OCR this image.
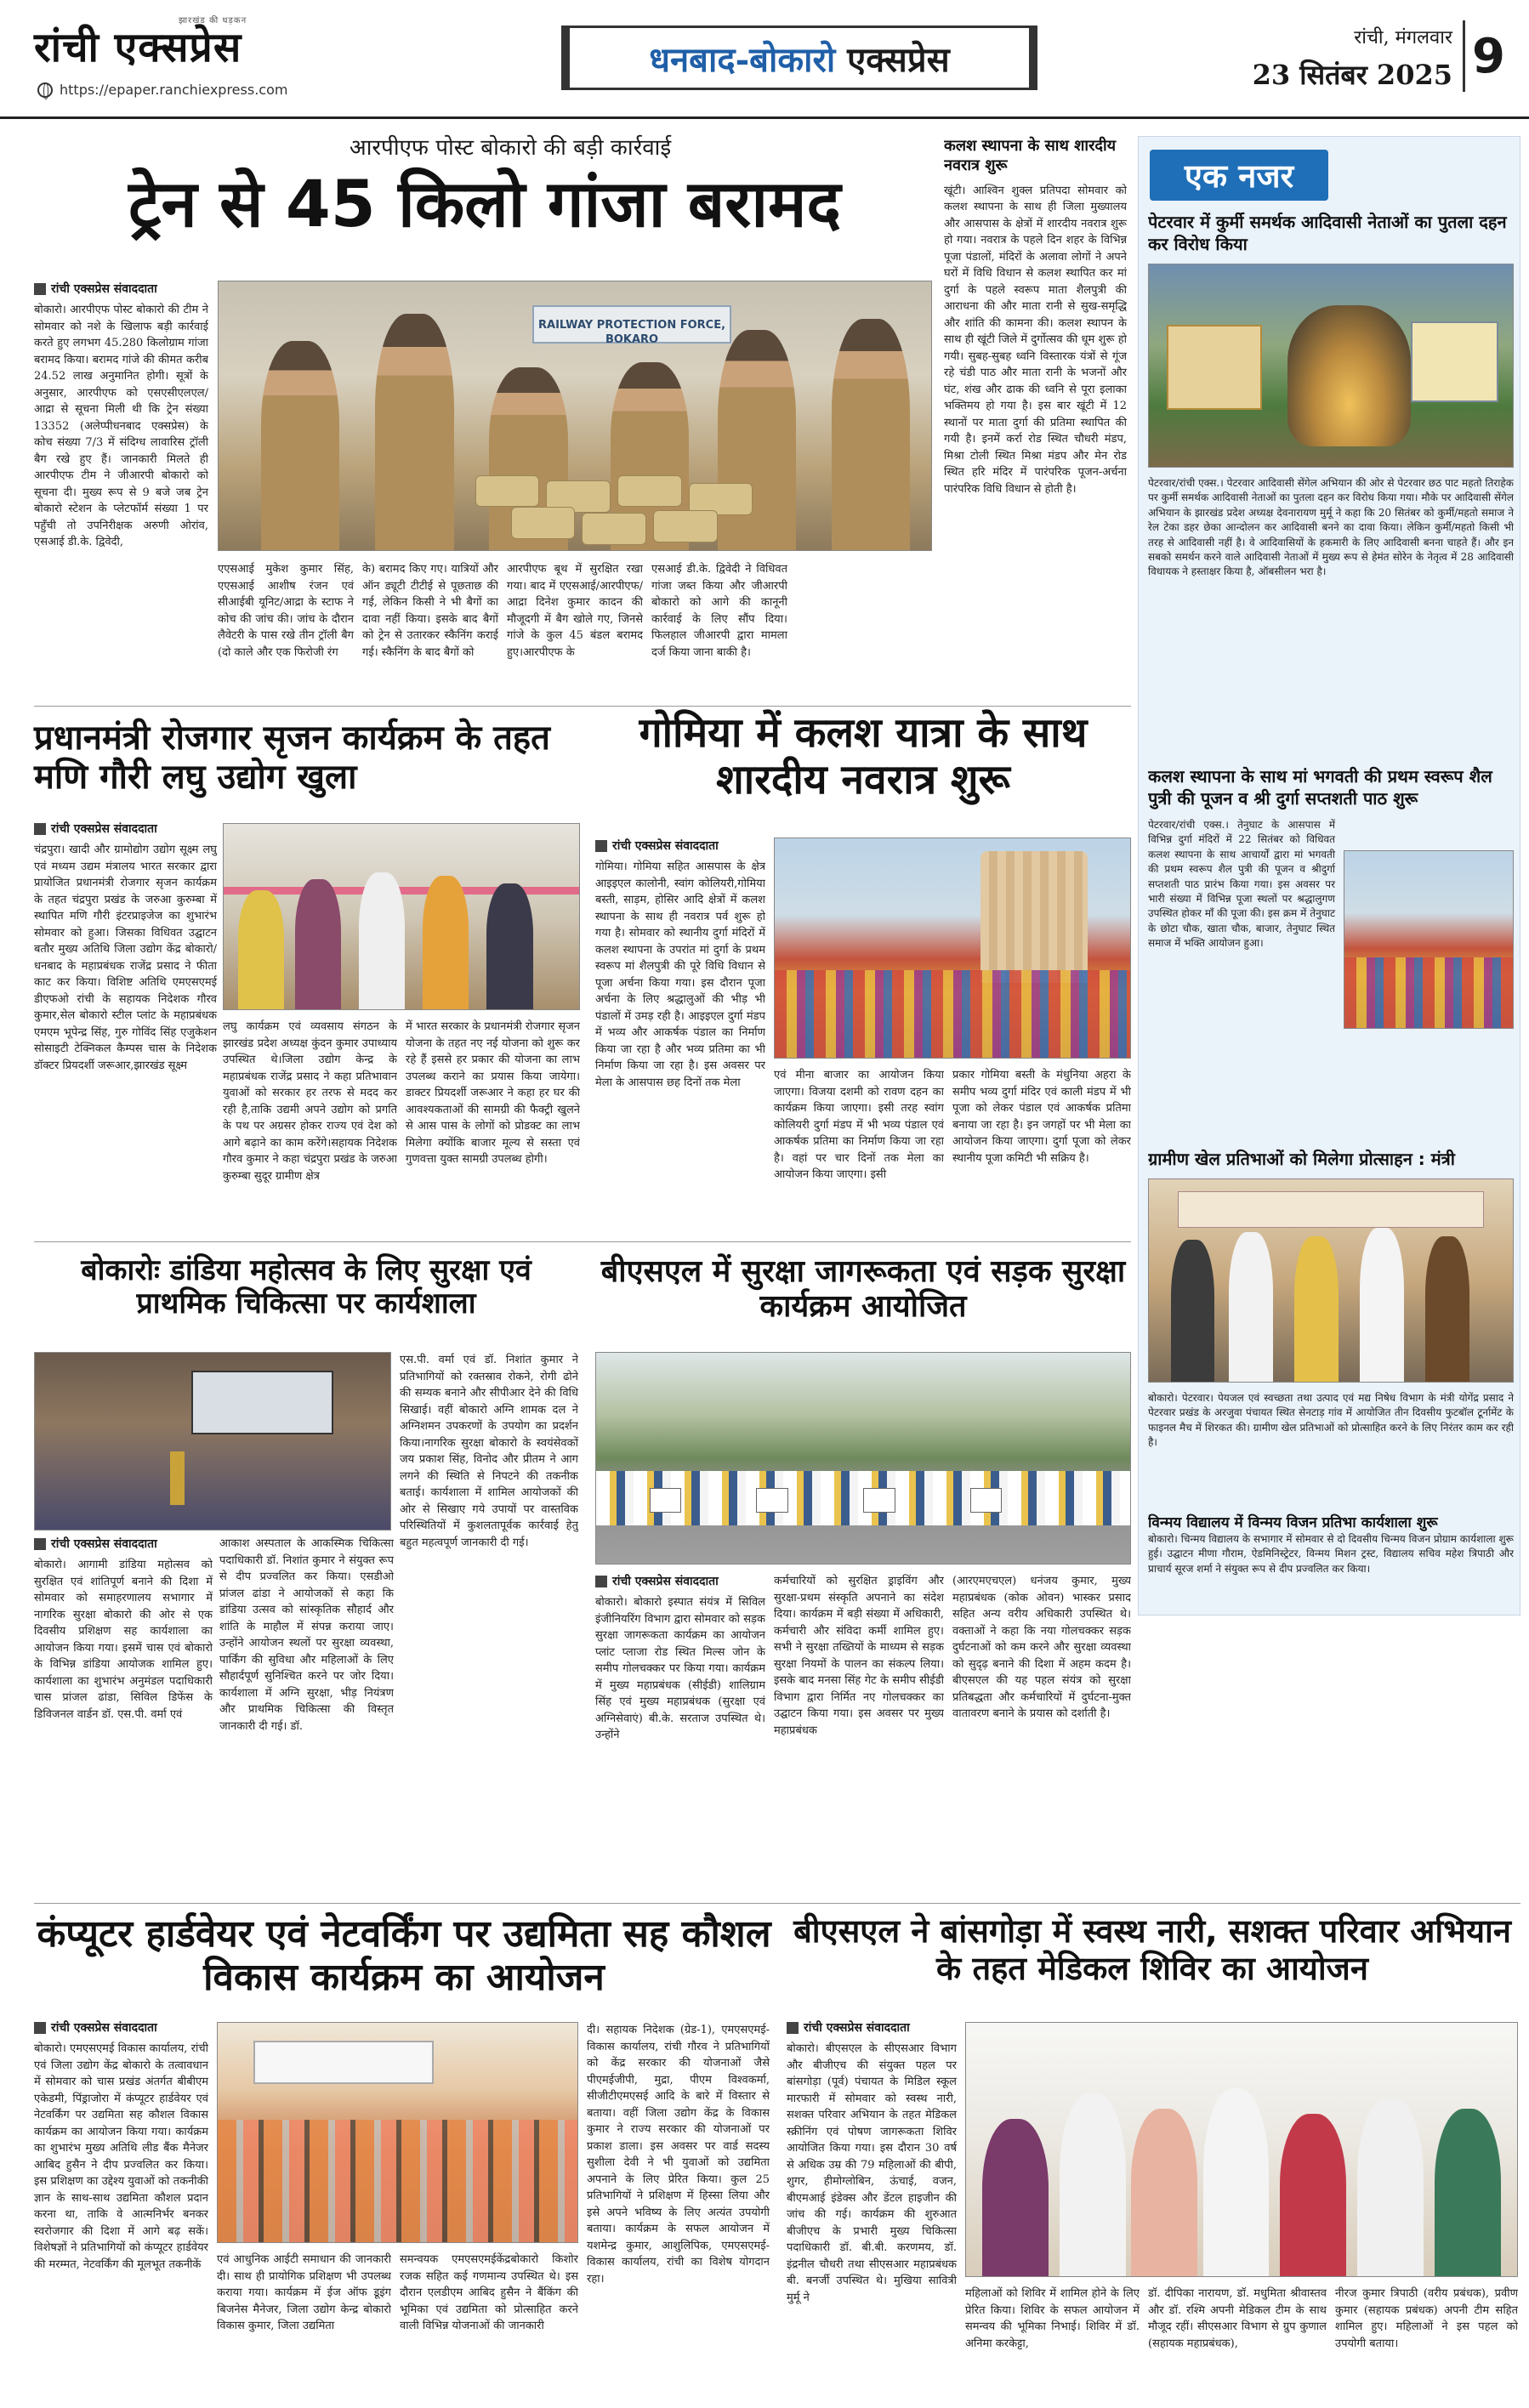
रांची एक्सप्रेस
झारखंड की धड़कन
https://epaper.ranchiexpress.com
धनबाद-बोकारो
एक्सप्रेस
रांची, मंगलवार
23 सितंबर 2025 9
आरपीएफ पोस्ट बोकारो की बड़ी कार्रवाई
ट्रेन से 45 किलो गांजा बरामद
रांची एक्सप्रेस संवाददाता
बोकारो। आरपीएफ पोस्ट बोकारो की टीम ने सोमवार को नशे के खिलाफ बड़ी कार्रवाई करते हुए लगभग 45.280 किलोग्राम गांजा बरामद किया। बरामद गांजे की कीमत करीब 24.52 लाख अनुमानित होगी। सूत्रों के अनुसार, आरपीएफ को एसएसीएलएल/आद्रा से सूचना मिली थी कि ट्रेन संख्या 13352 (अलेप्पीधनबाद एक्सप्रेस) के कोच संख्या 7/3 में संदिग्ध लावारिस ट्रॉली बैग रखे हुए हैं। जानकारी मिलते ही आरपीएफ टीम ने जीआरपी बोकारो को सूचना दी। मुख्य रूप से 9 बजे जब ट्रेन बोकारो स्टेशन के प्लेटफॉर्म संख्या 1 पर पहुँची तो उपनिरीक्षक अरुणी ओरांव, एसआई डी.के. द्विवेदी,
RAILWAY PROTECTION FORCE, BOKARO
एएसआई मुकेश कुमार सिंह, एएसआई आशीष रंजन एवं सीआईबी यूनिट/आद्रा के स्टाफ ने कोच की जांच की। जांच के दौरान लैवेटरी के पास रखे तीन ट्रॉली बैग (दो काले और एक फिरोजी रंग
के) बरामद किए गए। यात्रियों और ऑन ड्यूटी टीटीई से पूछताछ की गई, लेकिन किसी ने भी बैगों का दावा नहीं किया। इसके बाद बैगों को ट्रेन से उतारकर स्कैनिंग कराई गई। स्कैनिंग के बाद बैगों को
आरपीएफ बूथ में सुरक्षित रखा गया। बाद में एएसआई/आरपीएफ/आद्रा दिनेश कुमार कादन की मौजूदगी में बैग खोले गए, जिनसे गांजे के कुल 45 बंडल बरामद हुए।आरपीएफ के
एसआई डी.के. द्विवेदी ने विधिवत गांजा जब्त किया और जीआरपी बोकारो को आगे की कानूनी कार्रवाई के लिए सौंप दिया। फिलहाल जीआरपी द्वारा मामला दर्ज किया जाना बाकी है।
कलश स्थापना के साथ शारदीय नवरात्र शुरू
खूंटी। आश्विन शुक्ल प्रतिपदा सोमवार को कलश स्थापना के साथ ही जिला मुख्यालय और आसपास के क्षेत्रों में शारदीय नवरात्र शुरू हो गया। नवरात्र के पहले दिन शहर के विभिन्न पूजा पंडालों, मंदिरों के अलावा लोगों ने अपने घरों में विधि विधान से कलश स्थापित कर मां दुर्गा के पहले स्वरूप माता शैलपुत्री की आराधना की और माता रानी से सुख-समृद्धि और शांति की कामना की। कलश स्थापन के साथ ही खूंटी जिले में दुर्गोत्सव की धूम शुरू हो गयी। सुबह-सुबह ध्वनि विस्तारक यंत्रों से गूंज रहे चंडी पाठ और माता रानी के भजनों और घंट, शंख और ढाक की ध्वनि से पूरा इलाका भक्तिमय हो गया है। इस बार खूंटी में 12 स्थानों पर माता दुर्गा की प्रतिमा स्थापित की गयी है। इनमें कर्रा रोड स्थित चौधरी मंडप, मिश्रा टोली स्थित मिश्रा मंडप और मेन रोड स्थित हरि मंदिर में पारंपरिक पूजन-अर्चना पारंपरिक विधि विधान से होती है।
एक नजर
पेटरवार में कुर्मी समर्थक आदिवासी नेताओं का पुतला दहन कर विरोध किया
पेटरवार/रांची एक्स.। पेटरवार आदिवासी सेंगेल अभियान की ओर से पेटरवार छठ पाट महतो तिराहेक पर कुर्मी समर्थक आदिवासी नेताओं का पुतला दहन कर विरोध किया गया। मौके पर आदिवासी सेंगेल अभियान के झारखंड प्रदेश अध्यक्ष देवनारायण मुर्मू ने कहा कि 20 सितंबर को कुर्मी/महतो समाज ने रेल टेका डहर छेका आन्दोलन कर आदिवासी बनने का दावा किया। लेकिन कुर्मी/महतो किसी भी तरह से आदिवासी नहीं है। वे आदिवासियों के हकमारी के लिए आदिवासी बनना चाहते हैं। और इन सबको समर्थन करने वाले आदिवासी नेताओं में मुख्य रूप से हेमंत सोरेन के नेतृत्व में 28 आदिवासी विधायक ने हस्ताक्षर किया है, ऑबसीलन भरा है।
कलश स्थापना के साथ मां भगवती की प्रथम स्वरूप शैल पुत्री की पूजन व श्री दुर्गा सप्तशती पाठ शुरू
पेटरवार/रांची एक्स.। तेनुघाट के आसपास में विभिन्न दुर्गा मंदिरों में 22 सितंबर को विधिवत कलश स्थापना के साथ आचार्यों द्वारा मां भगवती की प्रथम स्वरूप शैल पुत्री की पूजन व श्रीदुर्गा सप्तशती पाठ प्रारंभ किया गया। इस अवसर पर भारी संख्या में विभिन्न पूजा स्थलों पर श्रद्धालुगण उपस्थित होकर माँ की पूजा की। इस क्रम में तेनुघाट के छोटा चौक, खाता चौक, बाजार, तेनुघाट स्थित समाज में भक्ति आयोजन हुआ।
ग्रामीण खेल प्रतिभाओं को मिलेगा प्रोत्साहन : मंत्री
बोकारो। पेटरवार। पेयजल एवं स्वच्छता तथा उत्पाद एवं मद्य निषेध विभाग के मंत्री योगेंद्र प्रसाद ने पेटरवार प्रखंड के अरजुवा पंचायत स्थित सेनटाड़ गांव में आयोजित तीन दिवसीय फुटबॉल टूर्नामेंट के फाइनल मैच में शिरकत की। ग्रामीण खेल प्रतिभाओं को प्रोत्साहित करने के लिए निरंतर काम कर रही है।
विन्मय विद्यालय में विन्मय विजन प्रतिभा कार्यशाला शुरू
बोकारो। चिन्मय विद्यालय के सभागार में सोमवार से दो दिवसीय चिन्मय विजन प्रोग्राम कार्यशाला शुरू हुई। उद्घाटन मीणा गौराम, ऐडमिनिस्ट्रेटर, विन्मय मिशन ट्रस्ट, विद्यालय सचिव महेश त्रिपाठी और प्राचार्य सूरज शर्मा ने संयुक्त रूप से दीप प्रज्वलित कर किया।
प्रधानमंत्री रोजगार सृजन कार्यक्रम के तहत मणि गौरी लघु उद्योग खुला
रांची एक्सप्रेस संवाददाता
चंद्रपुरा। खादी और ग्रामोद्योग उद्योग सूक्ष्म लघु एवं मध्यम उद्यम मंत्रालय भारत सरकार द्वारा प्रायोजित प्रधानमंत्री रोजगार सृजन कार्यक्रम के तहत चंद्रपुरा प्रखंड के जरुआ कुरुम्बा में स्थापित मणि गौरी इंटरप्राइजेज का शुभारंभ सोमवार को हुआ। जिसका विधिवत उद्घाटन बतौर मुख्य अतिथि जिला उद्योग केंद्र बोकारो/धनबाद के महाप्रबंधक राजेंद्र प्रसाद ने फीता काट कर किया। विशिष्ट अतिथि एमएसएमई डीएफओ रांची के सहायक निदेशक गौरव कुमार,सेल बोकारो स्टील प्लांट के महाप्रबंधक एमएम भूपेन्द्र सिंह, गुरु गोविंद सिंह एजुकेशन सोसाइटी टेक्निकल कैम्पस चास के निदेशक डॉक्टर प्रियदर्शी जरूआर,झारखंड सूक्ष्म
लघु कार्यक्रम एवं व्यवसाय संगठन के झारखंड प्रदेश अध्यक्ष कुंदन कुमार उपाध्याय उपस्थित थे।जिला उद्योग केन्द्र के महाप्रबंधक राजेंद्र प्रसाद ने कहा प्रतिभावान युवाओं को सरकार हर तरफ से मदद कर रही है,ताकि उद्यमी अपने उद्योग को प्रगति के पथ पर अग्रसर होकर राज्य एवं देश को आगे बढ़ाने का काम करेंगे।सहायक निदेशक गौरव कुमार ने कहा चंद्रपुरा प्रखंड के जरुआ कुरुम्बा सुदूर ग्रामीण क्षेत्र
में भारत सरकार के प्रधानमंत्री रोजगार सृजन योजना के तहत नए नई योजना को शुरू कर रहे हैं इससे हर प्रकार की योजना का लाभ उपलब्ध कराने का प्रयास किया जायेगा। डाक्टर प्रियदर्शी जरूआर ने कहा हर घर की आवश्यकताओं की सामग्री की फैक्ट्री खुलने से आस पास के लोगों को प्रोडक्ट का लाभ मिलेगा क्योंकि बाजार मूल्य से सस्ता एवं गुणवत्ता युक्त सामग्री उपलब्ध होगी।
गोमिया में कलश यात्रा के साथ शारदीय नवरात्र शुरू
रांची एक्सप्रेस संवाददाता
गोमिया। गोमिया सहित आसपास के क्षेत्र आइइएल कालोनी, स्वांग कोलियरी,गोमिया बस्ती, साड़म, होसिर आदि क्षेत्रों में कलश स्थापना के साथ ही नवरात्र पर्व शुरू हो गया है। सोमवार को स्थानीय दुर्गा मंदिरों में कलश स्थापना के उपरांत मां दुर्गा के प्रथम स्वरूप मां शैलपुत्री की पूरे विधि विधान से पूजा अर्चना किया गया। इस दौरान पूजा अर्चना के लिए श्रद्धालुओं की भीड़ भी पंडालों में उमड़ रही है। आइइएल दुर्गा मंडप में भव्य और आकर्षक पंडाल का निर्माण किया जा रहा है और भव्य प्रतिमा का भी निर्माण किया जा रहा है। इस अवसर पर मेला के आसपास छह दिनों तक मेला
एवं मीना बाजार का आयोजन किया जाएगा। विजया दशमी को रावण दहन का कार्यक्रम किया जाएगा। इसी तरह स्वांग कोलियरी दुर्गा मंडप में भी भव्य पंडाल एवं आकर्षक प्रतिमा का निर्माण किया जा रहा है। वहां पर चार दिनों तक मेला का आयोजन किया जाएगा। इसी
प्रकार गोमिया बस्ती के मंधुनिया अहरा के समीप भव्य दुर्गा मंदिर एवं काली मंडप में भी पूजा को लेकर पंडाल एवं आकर्षक प्रतिमा बनाया जा रहा है। इन जगहों पर भी मेला का आयोजन किया जाएगा। दुर्गा पूजा को लेकर स्थानीय पूजा कमिटी भी सक्रिय है।
बोकारोः डांडिया महोत्सव के लिए सुरक्षा एवं प्राथमिक चिकित्सा पर कार्यशाला
रांची एक्सप्रेस संवाददाता
बोकारो। आगामी डांडिया महोत्सव को सुरक्षित एवं शांतिपूर्ण बनाने की दिशा में सोमवार को समाहरणालय सभागार में नागरिक सुरक्षा बोकारो की ओर से एक दिवसीय प्रशिक्षण सह कार्यशाला का आयोजन किया गया। इसमें चास एवं बोकारो के विभिन्न डांडिया आयोजक शामिल हुए। कार्यशाला का शुभारंभ अनुमंडल पदाधिकारी चास प्रांजल ढांडा, सिविल डिफेंस के डिविजनल वार्डन डॉ. एस.पी. वर्मा एवं
आकाश अस्पताल के आकस्मिक चिकित्सा पदाधिकारी डॉ. निशांत कुमार ने संयुक्त रूप से दीप प्रज्वलित कर किया। एसडीओ प्रांजल ढांडा ने आयोजकों से कहा कि डांडिया उत्सव को सांस्कृतिक सौहार्द और शांति के माहौल में संपन्न कराया जाए। उन्होंने आयोजन स्थलों पर सुरक्षा व्यवस्था, पार्किंग की सुविधा और महिलाओं के लिए सौहार्दपूर्ण सुनिश्चित करने पर जोर दिया। कार्यशाला में अग्नि सुरक्षा, भीड़ नियंत्रण और प्राथमिक चिकित्सा की विस्तृत जानकारी दी गई। डॉ.
एस.पी. वर्मा एवं डॉ. निशांत कुमार ने प्रतिभागियों को रक्तस्राव रोकने, रोगी ढोने की सम्यक बनाने और सीपीआर देने की विधि सिखाई। वहीं बोकारो अग्नि शामक दल ने अग्निशमन उपकरणों के उपयोग का प्रदर्शन किया।नागरिक सुरक्षा बोकारो के स्वयंसेवकों जय प्रकाश सिंह, विनोद और प्रीतम ने आग लगने की स्थिति से निपटने की तकनीक बताई। कार्यशाला में शामिल आयोजकों की ओर से सिखाए गये उपायों पर वास्तविक परिस्थितियों में कुशलतापूर्वक कार्रवाई हेतु बहुत महत्वपूर्ण जानकारी दी गई।
बीएसएल में सुरक्षा जागरूकता एवं सड़क सुरक्षा कार्यक्रम आयोजित
रांची एक्सप्रेस संवाददाता
बोकारो। बोकारो इस्पात संयंत्र में सिविल इंजीनियरिंग विभाग द्वारा सोमवार को सड़क सुरक्षा जागरूकता कार्यक्रम का आयोजन प्लांट प्लाजा रोड स्थित मिल्स जोन के समीप गोलचक्कर पर किया गया। कार्यक्रम में मुख्य महाप्रबंधक (सीईडी) शालिग्राम सिंह एवं मुख्य महाप्रबंधक (सुरक्षा एवं अग्निसेवाएं) बी.के. सरताज उपस्थित थे। उन्होंने
कर्मचारियों को सुरक्षित ड्राइविंग और सुरक्षा-प्रथम संस्कृति अपनाने का संदेश दिया। कार्यक्रम में बड़ी संख्या में अधिकारी, कर्मचारी और संविदा कर्मी शामिल हुए। सभी ने सुरक्षा तख्तियों के माध्यम से सड़क सुरक्षा नियमों के पालन का संकल्प लिया। इसके बाद मनसा सिंह गेट के समीप सीईडी विभाग द्वारा निर्मित नए गोलचक्कर का उद्घाटन किया गया। इस अवसर पर मुख्य महाप्रबंधक
(आरएमएचएल) धनंजय कुमार, मुख्य महाप्रबंधक (कोक ओवन) भास्कर प्रसाद सहित अन्य वरीय अधिकारी उपस्थित थे। वक्ताओं ने कहा कि नया गोलचक्कर सड़क दुर्घटनाओं को कम करने और सुरक्षा व्यवस्था को सुदृढ़ बनाने की दिशा में अहम कदम है। बीएसएल की यह पहल संयंत्र को सुरक्षा प्रतिबद्धता और कर्मचारियों में दुर्घटना-मुक्त वातावरण बनाने के प्रयास को दर्शाती है।
कंप्यूटर हार्डवेयर एवं नेटवर्किंग पर उद्यमिता सह कौशल विकास कार्यक्रम का आयोजन
रांची एक्सप्रेस संवाददाता
बोकारो। एमएसएमई विकास कार्यालय, रांची एवं जिला उद्योग केंद्र बोकारो के तत्वावधान में सोमवार को चास प्रखंड अंतर्गत बीबीएम एकेडमी, पिंड्राजोरा में कंप्यूटर हार्डवेयर एवं नेटवर्किंग पर उद्यमिता सह कौशल विकास कार्यक्रम का आयोजन किया गया। कार्यक्रम का शुभारंभ मुख्य अतिथि लीड बैंक मैनेजर आबिद हुसैन ने दीप प्रज्वलित कर किया। इस प्रशिक्षण का उद्देश्य युवाओं को तकनीकी ज्ञान के साथ-साथ उद्यमिता कौशल प्रदान करना था, ताकि वे आत्मनिर्भर बनकर स्वरोजगार की दिशा में आगे बढ़ सकें। विशेषज्ञों ने प्रतिभागियों को कंप्यूटर हार्डवेयर की मरम्मत, नेटवर्किंग की मूलभूत तकनीकें	एवं आधुनिक आईटी समाधान की जानकारी दी। साथ ही प्रायोगिक प्रशिक्षण भी उपलब्ध कराया गया। कार्यक्रम में ईज ऑफ डूइंग बिजनेस मैनेजर, जिला उद्योग केन्द्र बोकारो विकास कुमार, जिला उद्यमिता
समन्वयक एमएसएमईकेंद्रबोकारो किशोर रजक सहित कई गणमान्य उपस्थित थे। इस दौरान एलडीएम आबिद हुसैन ने बैंकिंग की भूमिका एवं उद्यमिता को प्रोत्साहित करने वाली विभिन्न योजनाओं की जानकारी
दी। सहायक निदेशक (ग्रेड-1), एमएसएमई-विकास कार्यालय, रांची गौरव ने प्रतिभागियों को केंद्र सरकार की योजनाओं जैसे पीएमईजीपी, मुद्रा, पीएम विश्वकर्मा, सीजीटीएमएसई आदि के बारे में विस्तार से बताया। वहीं जिला उद्योग केंद्र के विकास कुमार ने राज्य सरकार की योजनाओं पर प्रकाश डाला। इस अवसर पर वार्ड सदस्य सुशीला देवी ने भी युवाओं को उद्यमिता अपनाने के लिए प्रेरित किया। कुल 25 प्रतिभागियों ने प्रशिक्षण में हिस्सा लिया और इसे अपने भविष्य के लिए अत्यंत उपयोगी बताया। कार्यक्रम के सफल आयोजन में यशमेन्द्र कुमार, आशुलिपिक, एमएसएमई-विकास कार्यालय, रांची का विशेष योगदान रहा।
बीएसएल ने बांसगोड़ा में स्वस्थ नारी, सशक्त परिवार अभियान के तहत मेडिकल शिविर का आयोजन
रांची एक्सप्रेस संवाददाता
बोकारो। बीएसएल के सीएसआर विभाग और बीजीएच की संयुक्त पहल पर बांसगोड़ा (पूर्व) पंचायत के मिडिल स्कूल मारफारी में सोमवार को स्वस्थ नारी, सशक्त परिवार अभियान के तहत मेडिकल स्क्रीनिंग एवं पोषण जागरूकता शिविर आयोजित किया गया। इस दौरान 30 वर्ष से अधिक उम्र की 79 महिलाओं की बीपी, शुगर, हीमोग्लोबिन, ऊंचाई, वजन, बीएमआई इंडेक्स और डेंटल हाइजीन की जांच की गई। कार्यक्रम की शुरुआत बीजीएच के प्रभारी मुख्य चिकित्सा पदाधिकारी डॉ. बी.बी. करणमय, डॉ. इंद्रनील चौधरी तथा सीएसआर महाप्रबंधक बी. बनर्जी उपस्थित थे। मुखिया सावित्री मुर्मू ने	महिलाओं को शिविर में शामिल होने के लिए प्रेरित किया। शिविर के सफल आयोजन में समन्वय की भूमिका निभाई। शिविर में डॉ. अनिमा करकेट्टा,
डॉ. दीपिका नारायण, डॉ. मधुमिता श्रीवास्तव और डॉ. रश्मि अपनी मेडिकल टीम के साथ मौजूद रहीं। सीएसआर विभाग से ग्रुप कुणाल (सहायक महाप्रबंधक),
नीरज कुमार त्रिपाठी (वरीय प्रबंधक), प्रवीण कुमार (सहायक प्रबंधक) अपनी टीम सहित शामिल हुए। महिलाओं ने इस पहल को उपयोगी बताया।
